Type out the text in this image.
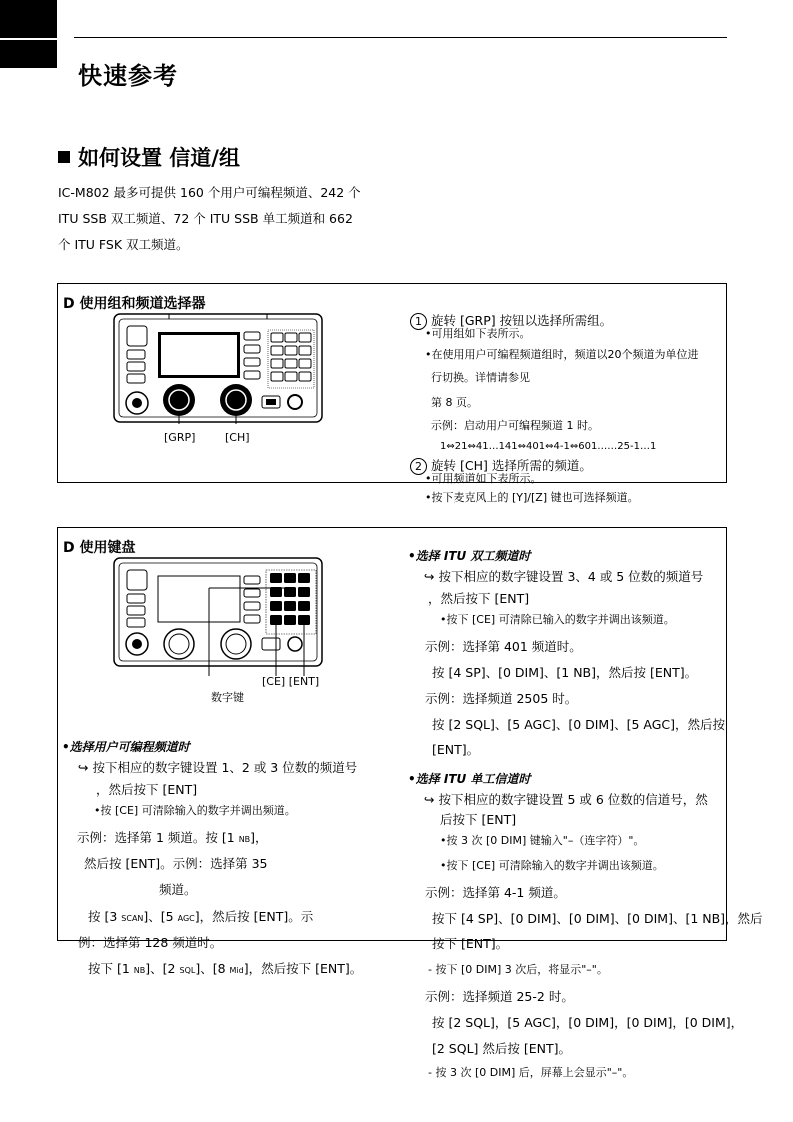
快速参考
如何设置 信道/组
IC-M802 最多可提供 160 个用户可编程频道、242 个
ITU SSB 双工频道、72 个 ITU SSB 单工频道和 662
个 ITU FSK 双工频道。
D 使用组和频道选择器
[GRP]	[CH]
1 旋转 [GRP] 按钮以选择所需组。
•可用组如下表所示。
•在使用用户可编程频道组时，频道以20个频道为单位进
行切换。详情请参见
第 8 页。
示例：启动用户可编程频道 1 时。
1⇔21⇔41…141⇔401⇔4-1⇔601……25-1…1
2 旋转 [CH] 选择所需的频道。
•可用频道如下表所示。
•按下麦克风上的 [Y]/[Z] 键也可选择频道。
D 使用键盘
[CE] [ENT]
数字键
•选择用户可编程频道时
↪ 按下相应的数字键设置 1、2 或 3 位数的频道号
，然后按下 [ENT]
•按 [CE] 可清除输入的数字并调出频道。
示例：选择第 1 频道。按 [1 NB]，
然后按 [ENT]。示例：选择第 35
频道。
按 [3 SCAN]、[5 AGC]，然后按 [ENT]。示
例：选择第 128 频道时。
按下 [1 NB]、[2 SQL]、[8 Mid]，然后按下 [ENT]。
•选择 ITU 双工频道时
↪ 按下相应的数字键设置 3、4 或 5 位数的频道号
，然后按下 [ENT]
•按下 [CE] 可清除已输入的数字并调出该频道。
示例：选择第 401 频道时。
按 [4 SP]、[0 DIM]、[1 NB]，然后按 [ENT]。
示例：选择频道 2505 时。
按 [2 SQL]、[5 AGC]、[0 DIM]、[5 AGC]，然后按
[ENT]。
•选择 ITU 单工信道时
↪ 按下相应的数字键设置 5 或 6 位数的信道号，然
后按下 [ENT]
•按 3 次 [0 DIM] 键输入"–（连字符）"。
•按下 [CE] 可清除输入的数字并调出该频道。
示例：选择第 4-1 频道。
按下 [4 SP]、[0 DIM]、[0 DIM]、[0 DIM]、[1 NB]，然后
按下 [ENT]。
- 按下 [0 DIM] 3 次后，将显示"–"。
示例：选择频道 25-2 时。
按 [2 SQL]，[5 AGC]，[0 DIM]，[0 DIM]，[0 DIM]，
[2 SQL] 然后按 [ENT]。
- 按 3 次 [0 DIM] 后，屏幕上会显示"–"。
